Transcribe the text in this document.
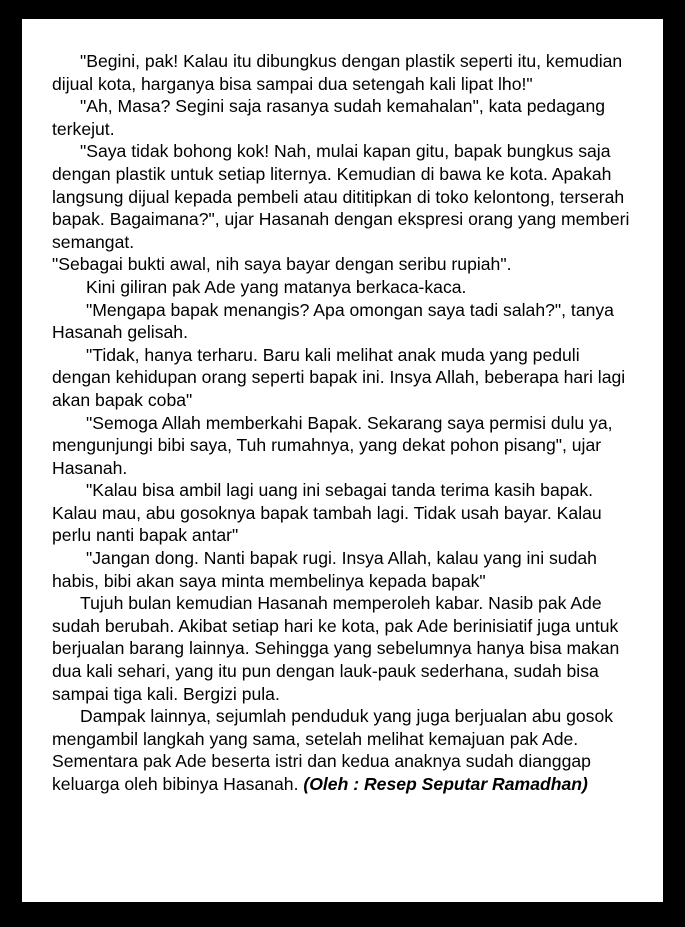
"Begini, pak! Kalau itu dibungkus dengan plastik seperti itu, kemudian dijual kota, harganya bisa sampai dua setengah kali lipat lho!"

"Ah, Masa? Segini saja rasanya sudah kemahalan", kata pedagang terkejut.

"Saya tidak bohong kok! Nah, mulai kapan gitu, bapak bungkus saja dengan plastik untuk setiap liternya. Kemudian di bawa ke kota. Apakah langsung dijual kepada pembeli atau dititipkan di toko kelontong, terserah bapak. Bagaimana?", ujar Hasanah dengan ekspresi orang yang memberi semangat.

"Sebagai bukti awal, nih saya bayar dengan seribu rupiah".

Kini giliran pak Ade yang matanya berkaca-kaca.

"Mengapa bapak menangis? Apa omongan saya tadi salah?", tanya Hasanah gelisah.

"Tidak, hanya terharu. Baru kali melihat anak muda yang peduli dengan kehidupan orang seperti bapak ini. Insya Allah, beberapa hari lagi akan bapak coba"

"Semoga Allah memberkahi Bapak. Sekarang saya permisi dulu ya, mengunjungi bibi saya, Tuh rumahnya, yang dekat pohon pisang", ujar Hasanah.

"Kalau bisa ambil lagi uang ini sebagai tanda terima kasih bapak. Kalau mau, abu gosoknya bapak tambah lagi. Tidak usah bayar. Kalau perlu nanti bapak antar"

"Jangan dong. Nanti bapak rugi. Insya Allah, kalau yang ini sudah habis, bibi akan saya minta membelinya kepada bapak"

Tujuh bulan kemudian Hasanah memperoleh kabar. Nasib pak Ade sudah berubah. Akibat setiap hari ke kota, pak Ade berinisiatif juga untuk berjualan barang lainnya. Sehingga yang sebelumnya hanya bisa makan dua kali sehari, yang itu pun dengan lauk-pauk sederhana, sudah bisa sampai tiga kali. Bergizi pula.

Dampak lainnya, sejumlah penduduk yang juga berjualan abu gosok mengambil langkah yang sama, setelah melihat kemajuan pak Ade. Sementara pak Ade beserta istri dan kedua anaknya sudah dianggap keluarga oleh bibinya Hasanah. (Oleh : Resep Seputar Ramadhan)
